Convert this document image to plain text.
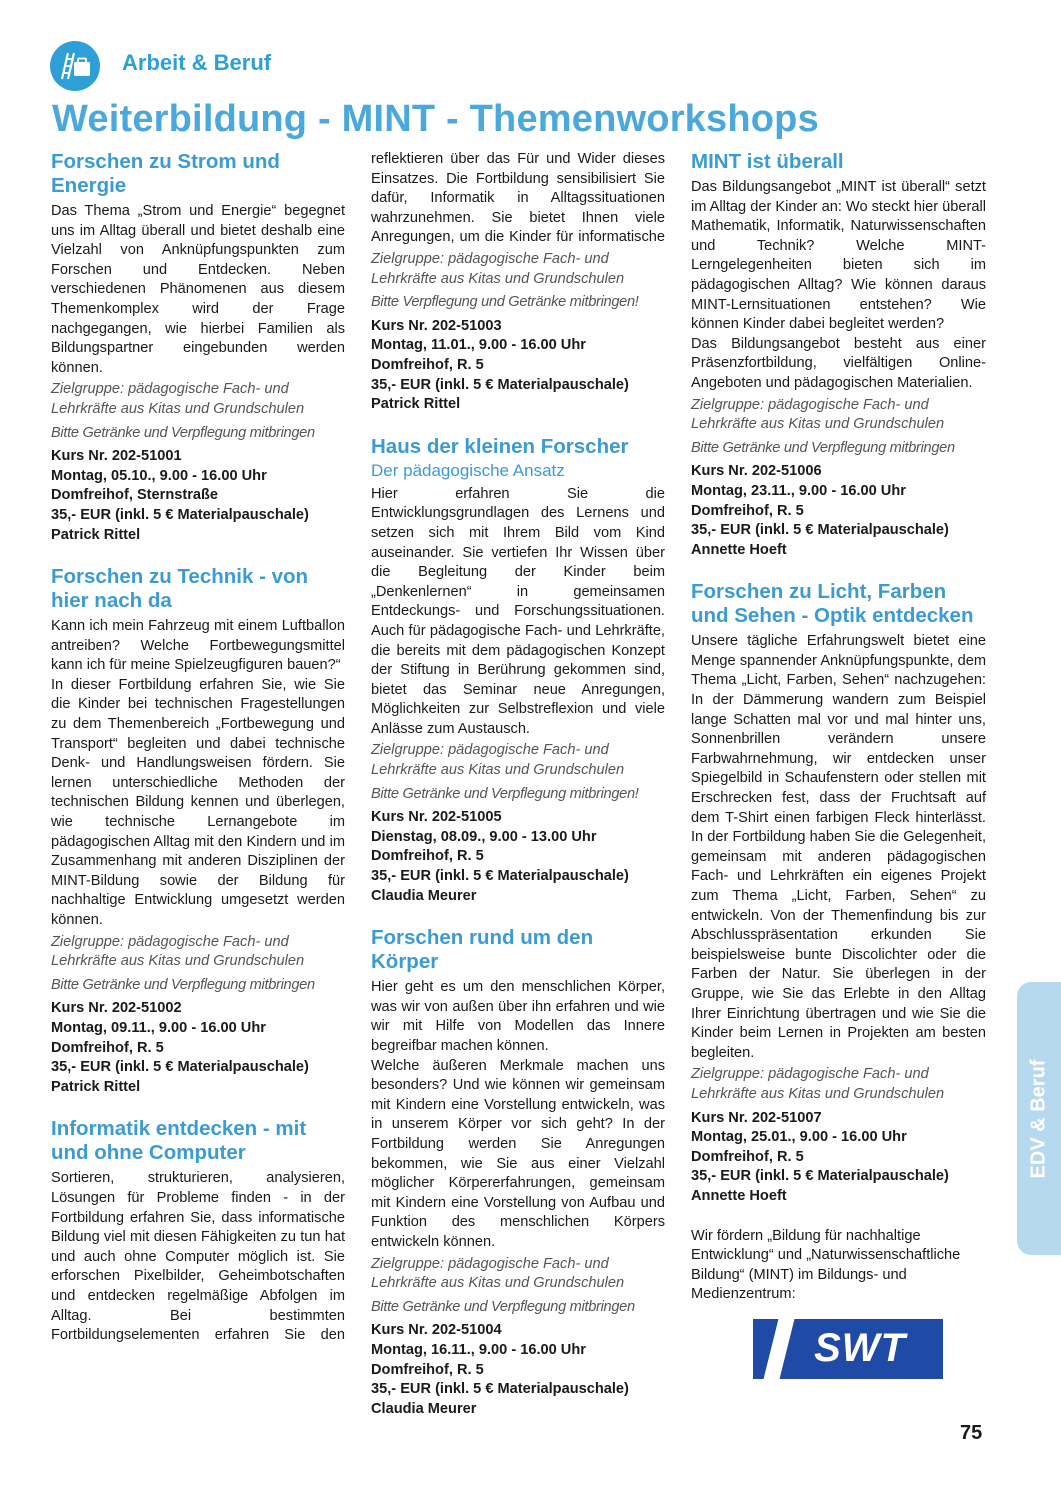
Arbeit & Beruf
Weiterbildung - MINT - Themenworkshops
Forschen zu Strom und Energie

Das Thema „Strom und Energie“ begegnet uns im Alltag überall und bietet deshalb eine Vielzahl von Anknüpfungspunkten zum Forschen und Entdecken. Neben verschiedenen Phänomenen aus diesem Themenkomplex wird der Frage nachgegangen, wie hierbei Familien als Bildungspartner eingebunden werden können.

Zielgruppe: pädagogische Fach- und Lehrkräfte aus Kitas und Grundschulen
Bitte Getränke und Verpflegung mitbringen
Kurs Nr. 202-51001
Montag, 05.10., 9.00 - 16.00 Uhr
Domfreihof, Sternstraße
35,- EUR (inkl. 5 € Materialpauschale)
Patrick Rittel
Forschen zu Technik - von hier nach da

Kann ich mein Fahrzeug mit einem Luftballon antreiben? Welche Fortbewegungsmittel kann ich für meine Spielzeugfiguren bauen?“

In dieser Fortbildung erfahren Sie, wie Sie die Kinder bei technischen Fragestellungen zu dem Themenbereich „Fortbewegung und Transport“ begleiten und dabei technische Denk- und Handlungsweisen fördern. Sie lernen unterschiedliche Methoden der technischen Bildung kennen und überlegen, wie technische Lernangebote im pädagogischen Alltag mit den Kindern und im Zusammenhang mit anderen Disziplinen der MINT-Bildung sowie der Bildung für nachhaltige Entwicklung umgesetzt werden können.

Zielgruppe: pädagogische Fach- und Lehrkräfte aus Kitas und Grundschulen
Bitte Getränke und Verpflegung mitbringen
Kurs Nr. 202-51002
Montag, 09.11., 9.00 - 16.00 Uhr
Domfreihof, R. 5
35,- EUR (inkl. 5 € Materialpauschale)
Patrick Rittel
Informatik entdecken - mit und ohne Computer

Sortieren, strukturieren, analysieren, Lösungen für Probleme finden - in der Fortbildung erfahren Sie, dass informatische Bildung viel mit diesen Fähigkeiten zu tun hat und auch ohne Computer möglich ist. Sie erforschen Pixelbilder, Geheimbotschaften und entdecken regelmäßige Abfolgen im Alltag. Bei bestimmten Fortbildungselementen erfahren Sie den

reflektieren über das Für und Wider dieses Einsatzes. Die Fortbildung sensibilisiert Sie dafür, Informatik in Alltagssituationen wahrzunehmen. Sie bietet Ihnen viele Anregungen, um die Kinder für informatische

Zielgruppe: pädagogische Fach- und Lehrkräfte aus Kitas und Grundschulen
Bitte Verpflegung und Getränke mitbringen!
Kurs Nr. 202-51003
Montag, 11.01., 9.00 - 16.00 Uhr
Domfreihof, R. 5
35,- EUR (inkl. 5 € Materialpauschale)
Patrick Rittel
Haus der kleinen Forscher
Der pädagogische Ansatz

Hier erfahren Sie die Entwicklungsgrundlagen des Lernens und setzen sich mit Ihrem Bild vom Kind auseinander. Sie vertiefen Ihr Wissen über die Begleitung der Kinder beim „Denkenlernen“ in gemeinsamen Entdeckungs- und Forschungssituationen. Auch für pädagogische Fach- und Lehrkräfte, die bereits mit dem pädagogischen Konzept der Stiftung in Berührung gekommen sind, bietet das Seminar neue Anregungen, Möglichkeiten zur Selbstreflexion und viele Anlässe zum Austausch.

Zielgruppe: pädagogische Fach- und Lehrkräfte aus Kitas und Grundschulen
Bitte Getränke und Verpflegung mitbringen!
Kurs Nr. 202-51005
Dienstag, 08.09., 9.00 - 13.00 Uhr
Domfreihof, R. 5
35,- EUR (inkl. 5 € Materialpauschale)
Claudia Meurer
Forschen rund um den Körper

Hier geht es um den menschlichen Körper, was wir von außen über ihn erfahren und wie wir mit Hilfe von Modellen das Innere begreifbar machen können.

Welche äußeren Merkmale machen uns besonders? Und wie können wir gemeinsam mit Kindern eine Vorstellung entwickeln, was in unserem Körper vor sich geht? In der Fortbildung werden Sie Anregungen bekommen, wie Sie aus einer Vielzahl möglicher Körpererfahrungen, gemeinsam mit Kindern eine Vorstellung von Aufbau und Funktion des menschlichen Körpers entwickeln können.

Zielgruppe: pädagogische Fach- und Lehrkräfte aus Kitas und Grundschulen
Bitte Getränke und Verpflegung mitbringen
Kurs Nr. 202-51004
Montag, 16.11., 9.00 - 16.00 Uhr
Domfreihof, R. 5
35,- EUR (inkl. 5 € Materialpauschale)
Claudia Meurer
MINT ist überall

Das Bildungsangebot „MINT ist überall“ setzt im Alltag der Kinder an: Wo steckt hier überall Mathematik, Informatik, Naturwissenschaften und Technik? Welche MINT-Lerngelegenheiten bieten sich im pädagogischen Alltag? Wie können daraus MINT-Lernsituationen entstehen? Wie können Kinder dabei begleitet werden?

Das Bildungsangebot besteht aus einer Präsenzfortbildung, vielfältigen Online-Angeboten und pädagogischen Materialien.

Zielgruppe: pädagogische Fach- und Lehrkräfte aus Kitas und Grundschulen
Bitte Getränke und Verpflegung mitbringen
Kurs Nr. 202-51006
Montag, 23.11., 9.00 - 16.00 Uhr
Domfreihof, R. 5
35,- EUR (inkl. 5 € Materialpauschale)
Annette Hoeft
Forschen zu Licht, Farben und Sehen - Optik entdecken

Unsere tägliche Erfahrungswelt bietet eine Menge spannender Anknüpfungspunkte, dem Thema „Licht, Farben, Sehen“ nachzugehen: In der Dämmerung wandern zum Beispiel lange Schatten mal vor und mal hinter uns, Sonnenbrillen verändern unsere Farbwahrnehmung, wir entdecken unser Spiegelbild in Schaufenstern oder stellen mit Erschrecken fest, dass der Fruchtsaft auf dem T-Shirt einen farbigen Fleck hinterlässt. In der Fortbildung haben Sie die Gelegenheit, gemeinsam mit anderen pädagogischen Fach- und Lehrkräften ein eigenes Projekt zum Thema „Licht, Farben, Sehen“ zu entwickeln. Von der Themenfindung bis zur Abschlusspräsentation erkunden Sie beispielsweise bunte Discolichter oder die Farben der Natur. Sie überlegen in der Gruppe, wie Sie das Erlebte in den Alltag Ihrer Einrichtung übertragen und wie Sie die Kinder beim Lernen in Projekten am besten begleiten.

Zielgruppe: pädagogische Fach- und Lehrkräfte aus Kitas und Grundschulen
Kurs Nr. 202-51007
Montag, 25.01., 9.00 - 16.00 Uhr
Domfreihof, R. 5
35,- EUR (inkl. 5 € Materialpauschale)
Annette Hoeft

Wir fördern „Bildung für nachhaltige Entwicklung“ und „Naturwissenschaftliche Bildung“ (MINT) im Bildungs- und Medienzentrum:

SWT
EDV & Beruf
75
